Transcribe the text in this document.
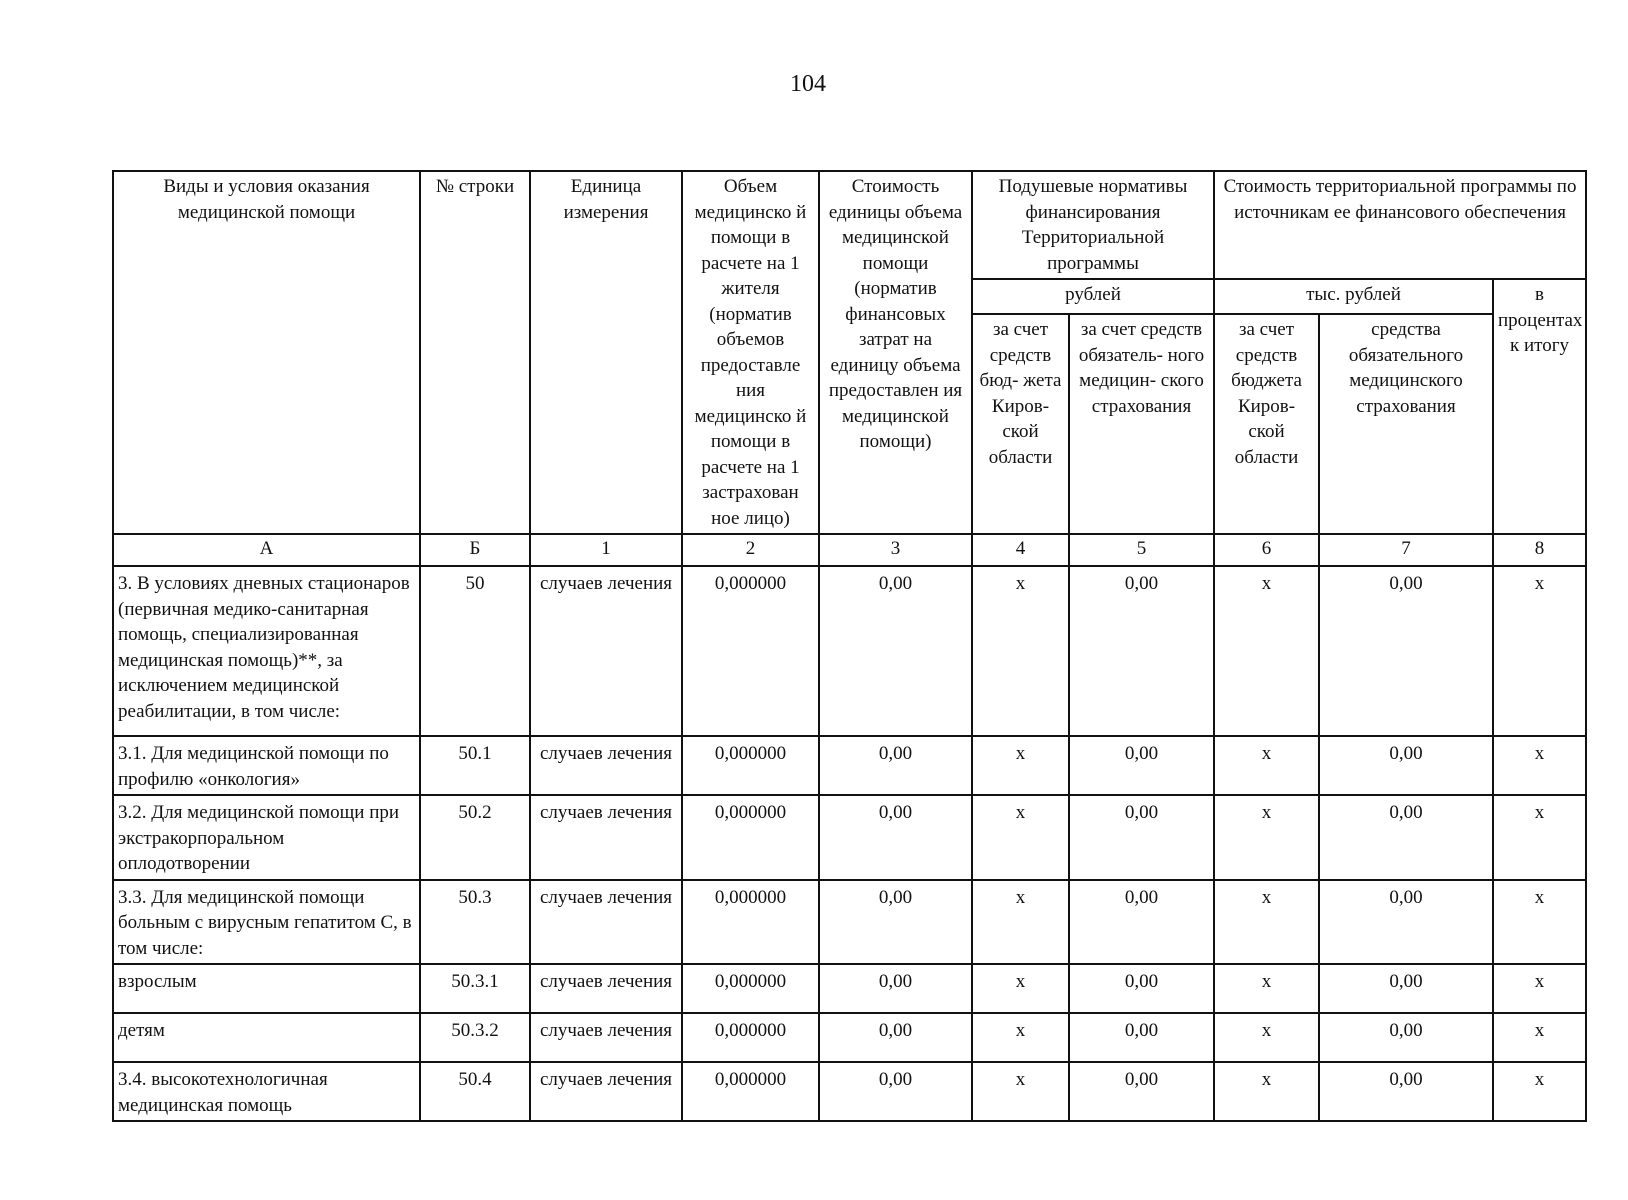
104
Виды и условия оказания медицинской помощи	№ строки	Единица измерения	Объем медицинско й помощи в расчете на 1 жителя (норматив объемов предоставле ния медицинско й помощи в расчете на 1 застрахован ное лицо)	Стоимость единицы объема медицинской помощи (норматив финансовых затрат на единицу объема предоставлен ия медицинской помощи)	Подушевые нормативы финансирования Территориальной программы		Стоимость территориальной программы по источникам ее финансового обеспечения		
					рублей		тыс. рублей		в процентах к итогу
					за счет средств бюд- жета Киров- ской области	за счет средств обязатель- ного медицин- ского страхования	за счет средств бюджета Киров- ской области	средства обязательного медицинского страхования	
А	Б	1	2	3	4	5	6	7	8
3. В условиях дневных стационаров (первичная медико-санитарная помощь, специализированная медицинская помощь)**, за исключением медицинской реабилитации, в том числе:	50	случаев лечения	0,000000	0,00	х	0,00	х	0,00	х
3.1. Для медицинской помощи по профилю «онкология»	50.1	случаев лечения	0,000000	0,00	х	0,00	х	0,00	х
3.2. Для медицинской помощи при экстракорпоральном оплодотворении	50.2	случаев лечения	0,000000	0,00	х	0,00	х	0,00	х
3.3. Для медицинской помощи больным с вирусным гепатитом С, в том числе:	50.3	случаев лечения	0,000000	0,00	х	0,00	х	0,00	х
взрослым	50.3.1	случаев лечения	0,000000	0,00	х	0,00	х	0,00	х
детям	50.3.2	случаев лечения	0,000000	0,00	х	0,00	х	0,00	х
3.4. высокотехнологичная медицинская помощь	50.4	случаев лечения	0,000000	0,00	х	0,00	х	0,00	х
